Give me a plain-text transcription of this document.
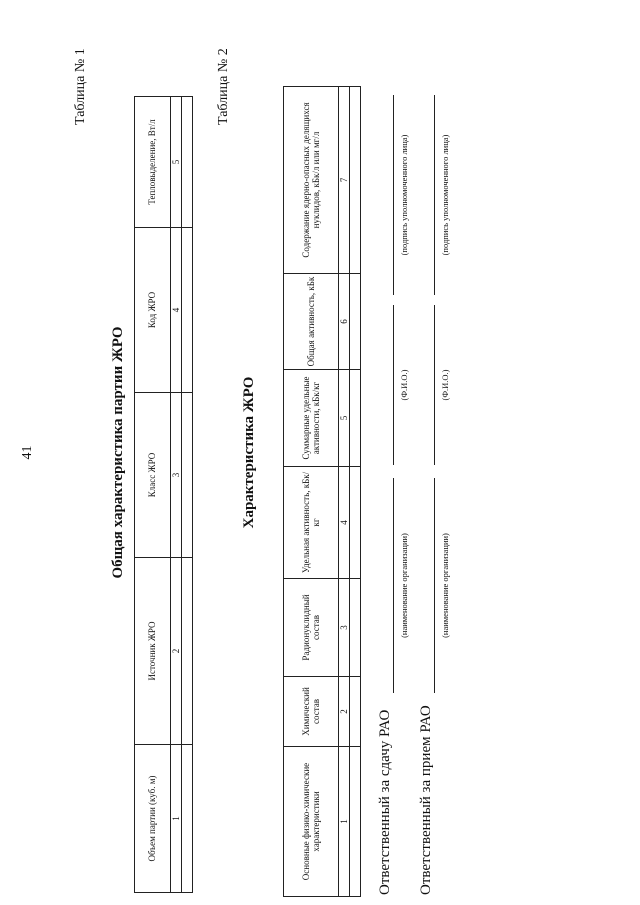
41
Таблица № 1
Общая характеристика партии ЖРО
Объем партии (куб. м)	Источник ЖРО	Класс ЖРО	Код ЖРО	Тепловыделение, Вт/л
1	2	3	4	5

Таблица № 2
Характеристика ЖРО
Основные физико-химические характеристики	Химический состав	Радионуклидный состав	Удельная активность, кБк/кг	Суммарные удельные активности, кБк/кг	Общая активность, кБк	Содержание ядерно-опасных делящихся нуклидов, кБк/л или мг/л
1	2	3	4	5	6	7

Ответственный за сдачу РАО
(наименование организации)
(Ф.И.О.)
(подпись уполномоченного лица)
Ответственный за прием РАО
(наименование организации)
(Ф.И.О.)
(подпись уполномоченного лица)
